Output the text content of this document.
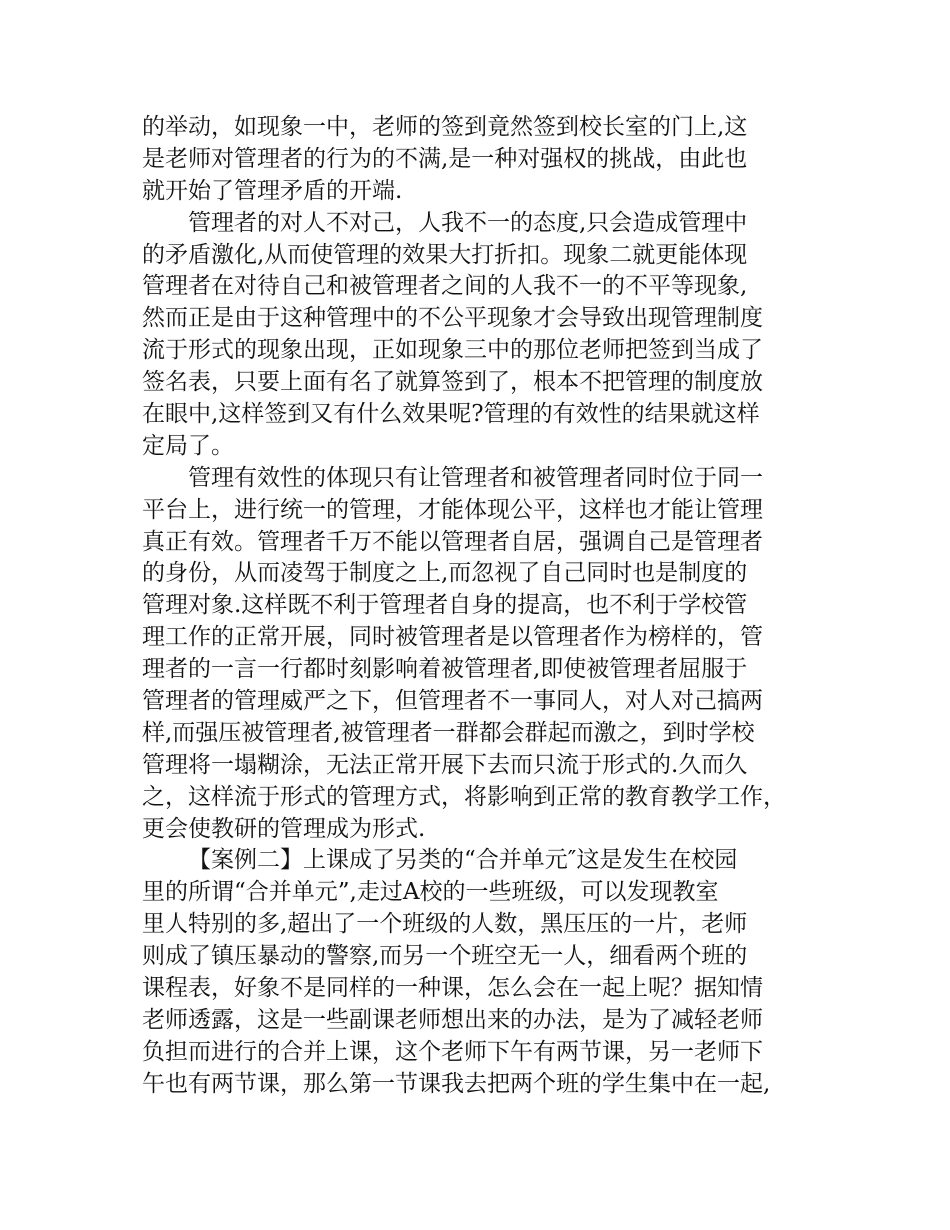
的举动，如现象一中，老师的签到竟然签到校长室的门上,这
是老师对管理者的行为的不满,是一种对强权的挑战，由此也
就开始了管理矛盾的开端.
管理者的对人不对己，人我不一的态度,只会造成管理中
的矛盾激化,从而使管理的效果大打折扣。现象二就更能体现
管理者在对待自己和被管理者之间的人我不一的不平等现象,
然而正是由于这种管理中的不公平现象才会导致出现管理制度
流于形式的现象出现，正如现象三中的那位老师把签到当成了
签名表，只要上面有名了就算签到了，根本不把管理的制度放
在眼中,这样签到又有什么效果呢?管理的有效性的结果就这样
定局了。
管理有效性的体现只有让管理者和被管理者同时位于同一
平台上，进行统一的管理，才能体现公平，这样也才能让管理
真正有效。管理者千万不能以管理者自居，强调自己是管理者
的身份，从而凌驾于制度之上,而忽视了自己同时也是制度的
管理对象.这样既不利于管理者自身的提高，也不利于学校管
理工作的正常开展，同时被管理者是以管理者作为榜样的，管
理者的一言一行都时刻影响着被管理者,即使被管理者屈服于
管理者的管理威严之下，但管理者不一事同人，对人对己搞两
样,而强压被管理者,被管理者一群都会群起而激之，到时学校
管理将一塌糊涂，无法正常开展下去而只流于形式的.久而久
之，这样流于形式的管理方式，将影响到正常的教育教学工作，
更会使教研的管理成为形式.
【案例二】上课成了另类的“合并单元″这是发生在校园
里的所谓“合并单元”,走过A校的一些班级，可以发现教室
里人特别的多,超出了一个班级的人数，黑压压的一片，老师
则成了镇压暴动的警察,而另一个班空无一人，细看两个班的
课程表，好象不是同样的一种课，怎么会在一起上呢？据知情
老师透露，这是一些副课老师想出来的办法，是为了减轻老师
负担而进行的合并上课，这个老师下午有两节课，另一老师下
午也有两节课，那么第一节课我去把两个班的学生集中在一起,
